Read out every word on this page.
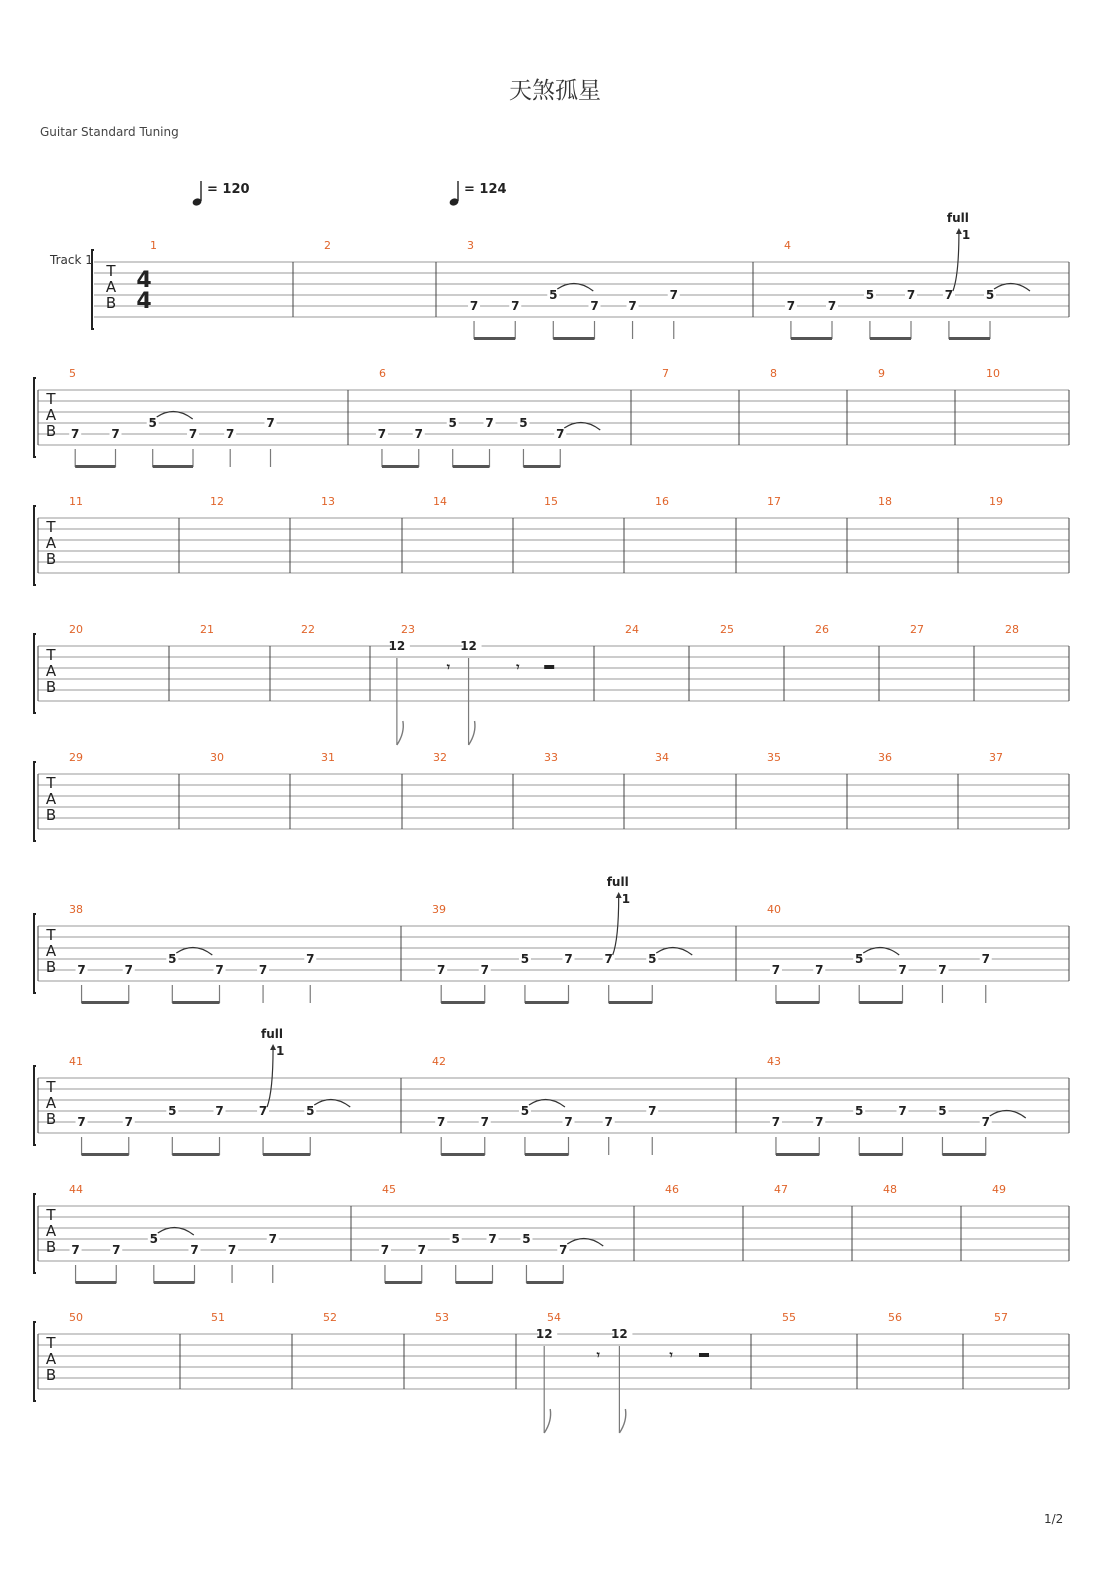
天煞孤星
Guitar Standard Tuning
Track 1
T
A
B
4
4
1
= 120
2	3
= 124
7	7
5
7 7
7
4
7	7
5	7 7
1
full
5
T
A
B
5
7	7
5
7 7
7
6
7 7
5 7 5
7
7	8	9	10
T
A
B
11	12	13	14	15	16	17	18	19
T
A
B
20	21	22	23
12
𝄾
12
𝄾
24	25	26	27	28
T
A
B
29	30	31	32	33	34	35	36	37
T
A
B
38
7	7
5
7	7
7
39
7	7
5	7	7
1
full
5
40
7	7
5
7	7
7
T
A
B
41
7	7
5	7	7
1
full
5
42
7	7
5
7	7
7
43
7	7
5	7	5
7
T
A
B
44
7	7
5
7 7
7
45
7 7
5 7 5
7
46	47	48	49
T
A
B
50	51	52	53	54
12
𝄾
12
𝄾
55	56	57
1/2
